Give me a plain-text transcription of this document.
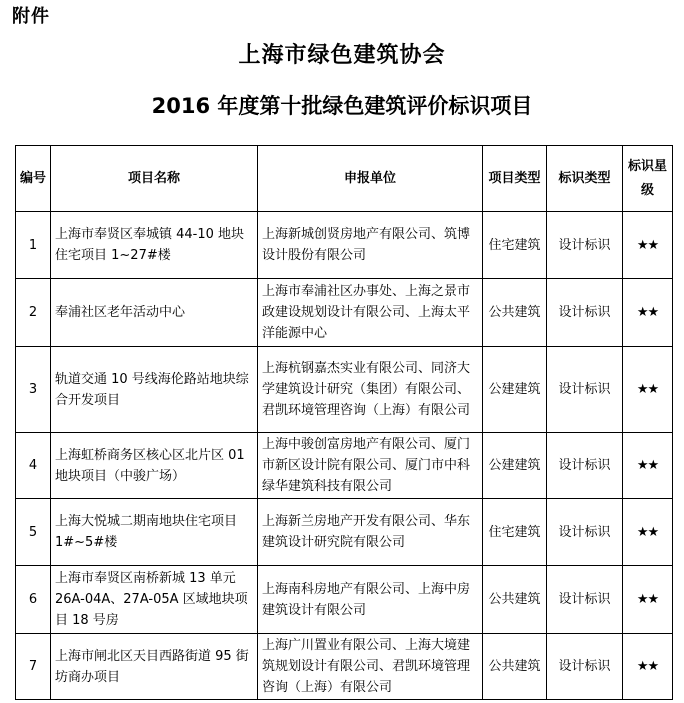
附件
上海市绿色建筑协会
2016 年度第十批绿色建筑评价标识项目
编号	项目名称	申报单位	项目类型	标识类型	标识星级
1	上海市奉贤区奉城镇 44-10 地块住宅项目 1~27#楼	上海新城创贤房地产有限公司、筑博设计股份有限公司	住宅建筑	设计标识	★★
2	奉浦社区老年活动中心	上海市奉浦社区办事处、上海之景市政建设规划设计有限公司、上海太平洋能源中心	公共建筑	设计标识	★★
3	轨道交通 10 号线海伦路站地块综合开发项目	上海杭钢嘉杰实业有限公司、同济大学建筑设计研究（集团）有限公司、君凯环境管理咨询（上海）有限公司	公建建筑	设计标识	★★
4	上海虹桥商务区核心区北片区 01 地块项目（中骏广场）	上海中骏创富房地产有限公司、厦门市新区设计院有限公司、厦门市中科绿华建筑科技有限公司	公建建筑	设计标识	★★
5	上海大悦城二期南地块住宅项目 1#~5#楼	上海新兰房地产开发有限公司、华东建筑设计研究院有限公司	住宅建筑	设计标识	★★
6	上海市奉贤区南桥新城 13 单元 26A-04A、27A-05A 区域地块项目 18 号房	上海南科房地产有限公司、上海中房建筑设计有限公司	公共建筑	设计标识	★★
7	上海市闸北区天目西路街道 95 街坊商办项目	上海广川置业有限公司、上海大境建筑规划设计有限公司、君凯环境管理咨询（上海）有限公司	公共建筑	设计标识	★★
